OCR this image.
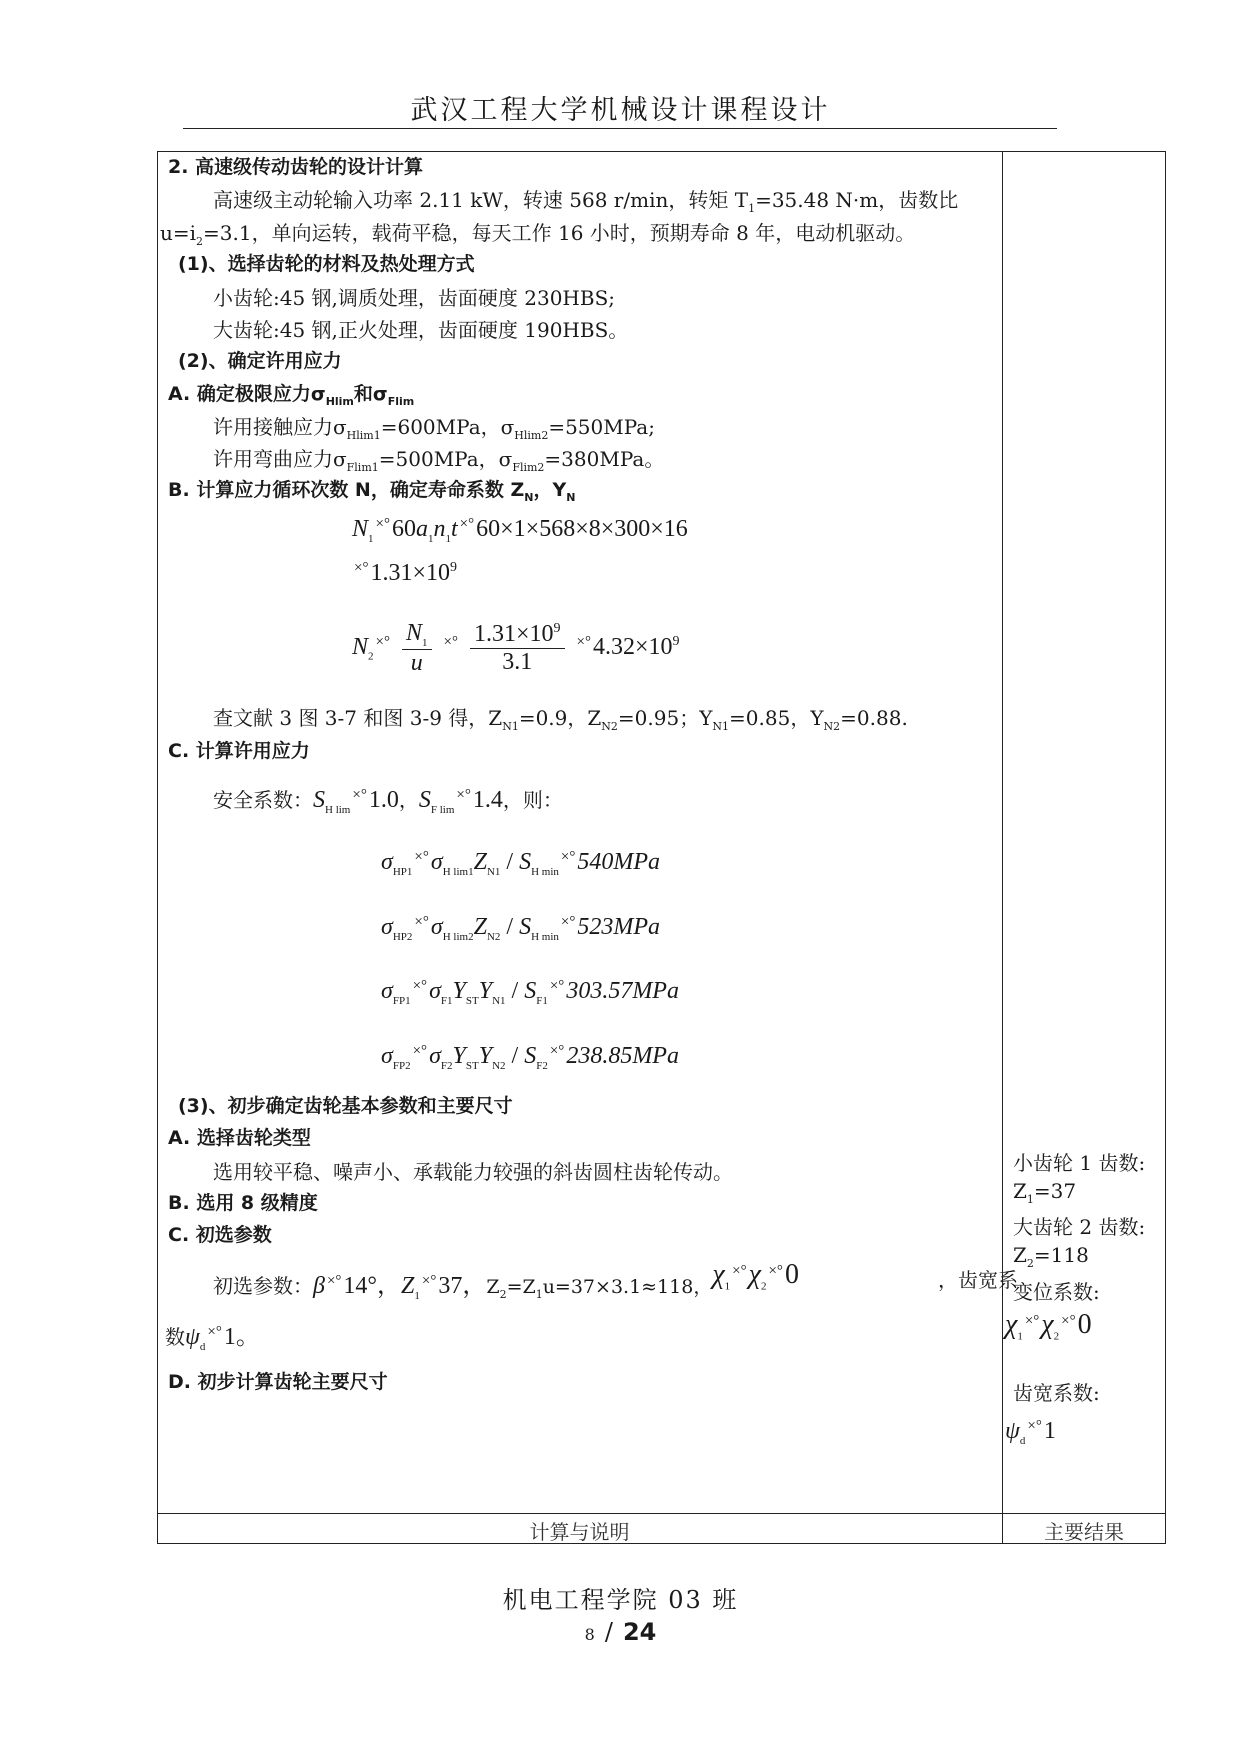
武汉工程大学机械设计课程设计
2. 高速级传动齿轮的设计计算
高速级主动轮输入功率 2.11 kW，转速 568 r/min，转矩 $T_1=35.48$ N·m，齿数比
$u=i_2=3.1$，单向运转，载荷平稳，每天工作 16 小时，预期寿命 8 年，电动机驱动。
(1)、选择齿轮的材料及热处理方式
小齿轮:45 钢,调质处理，齿面硬度 230HBS;
大齿轮:45 钢,正火处理，齿面硬度 190HBS。
(2)、确定许用应力
A. 确定极限应力$\sigma_{Hlim}$和$\sigma_{Flim}$
许用接触应力$\sigma_{Hlim1}=600MPa$，$\sigma_{Hlim2}=550MPa$;
许用弯曲应力$\sigma_{Flim1}=500MPa$，$\sigma_{Flim2}=380MPa$。
B. 计算应力循环次数 N，确定寿命系数 $Z_N$，$Y_N$
$N_1^{\times^\circ}60a_1n_1t$ ×°60×1×568×8×300×16
$^{\times^\circ}1.31\times 10^9$
$N_2^{\times^\circ} \frac{N_1}{u} ^{\times^\circ} \frac{1.31\times 10^9}{3.1} ^{\times^\circ}4.32\times 10^9$
查文献 3 图 3-7 和图 3-9 得，$Z_{N1}=0.9$，$Z_{N2}=0.95$；$Y_{N1}=0.85$，$Y_{N2}=0.88$.
C. 计算许用应力
安全系数：$S_{H lim}^{\times^\circ}1.0$，$S_{F lim}^{\times^\circ}1.4$，则：
$\sigma_{HP1}^{\times^\circ}\sigma_{H lim1}Z_{N1} / S_{H min}^{\times^\circ}540MPa$
$\sigma_{HP2}^{\times^\circ}\sigma_{H lim2}Z_{N2} / S_{H min}^{\times^\circ}523MPa$
$\sigma_{FP1}^{\times^\circ}\sigma_{F1}Y_{ST}Y_{N1} / S_{F1}^{\times^\circ}303.57MPa$
$\sigma_{FP2}^{\times^\circ}\sigma_{F2}Y_{ST}Y_{N2} / S_{F2}^{\times^\circ}238.85MPa$
(3)、初步确定齿轮基本参数和主要尺寸
A. 选择齿轮类型
选用较平稳、噪声小、承载能力较强的斜齿圆柱齿轮传动。
B. 选用 8 级精度
C. 初选参数
初选参数：β ×°14°，$Z_1^{\times^\circ}37$，$Z_2=Z_1u=37\times 3.1\approx 118$，$\chi_1^{\times^\circ}\chi_2^{\times^\circ}0$	，齿宽系
数$\psi_d^{\times^\circ}1$。
D. 初步计算齿轮主要尺寸
小齿轮 1 齿数:
$Z_1=37$
大齿轮 2 齿数:
$Z_2=118$
变位系数:
$\chi_1^{\times^\circ}\chi_2^{\times^\circ}0$
齿宽系数:
$\psi_d^{\times^\circ}1$
计算与说明	主要结果
机电工程学院 03 班
8 / 24
